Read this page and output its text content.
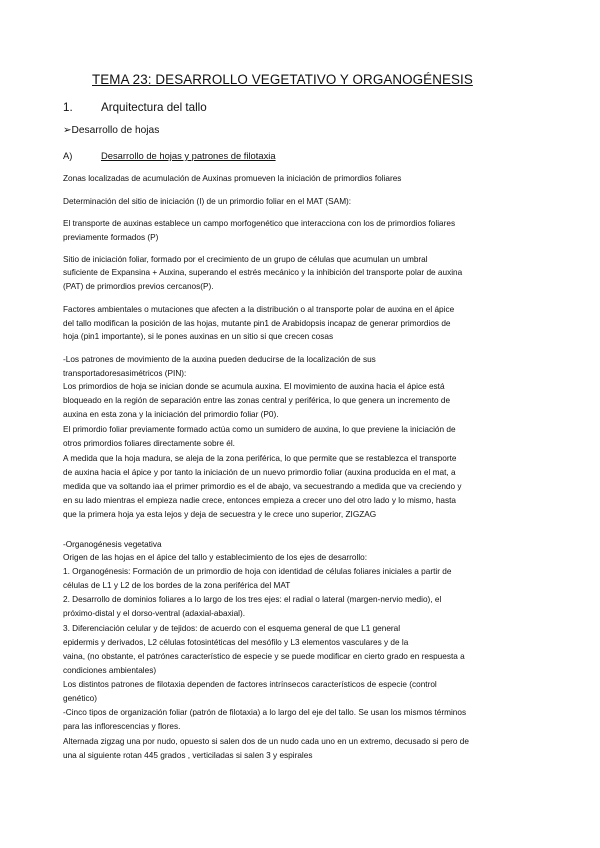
TEMA 23: DESARROLLO VEGETATIVO Y ORGANOGÉNESIS
1. Arquitectura del tallo
➢Desarrollo de hojas
A)	Desarrollo de hojas y patrones de filotaxia
Zonas localizadas de acumulación de Auxinas promueven la iniciación de primordios foliares
Determinación del sitio de iniciación (I) de un primordio foliar en el MAT (SAM):
El transporte de auxinas establece un campo morfogenético que interacciona con los de primordios foliares
previamente formados (P)
Sitio de iniciación foliar, formado por el crecimiento de un grupo de células que acumulan un umbral
suficiente de Expansina + Auxina, superando el estrés mecánico y la inhibición del transporte polar de auxina
(PAT) de primordios previos cercanos(P).
Factores ambientales o mutaciones que afecten a la distribución o al transporte polar de auxina en el ápice
del tallo modifican la posición de las hojas, mutante pin1 de Arabidopsis incapaz de generar primordios de
hoja (pin1 importante), si le pones auxinas en un sitio si que crecen cosas
-Los patrones de movimiento de la auxina pueden deducirse de la localización de sus
transportadoresasimétricos (PIN):
Los primordios de hoja se inician donde se acumula auxina. El movimiento de auxina hacia el ápice está
bloqueado en la región de separación entre las zonas central y periférica, lo que genera un incremento de
auxina en esta zona y la iniciación del primordio foliar (P0).
El primordio foliar previamente formado actúa como un sumidero de auxina, lo que previene la iniciación de
otros primordios foliares directamente sobre él.
A medida que la hoja madura, se aleja de la zona periférica, lo que permite que se restablezca el transporte
de auxina hacia el ápice y por tanto la iniciación de un nuevo primordio foliar (auxina producida en el mat, a
medida que va soltando iaa el primer primordio es el de abajo, va secuestrando a medida que va creciendo y
en su lado mientras el empieza nadie crece, entonces empieza a crecer uno del otro lado y lo mismo, hasta
que la primera hoja ya esta lejos y deja de secuestra y le crece uno superior, ZIGZAG
-Organogénesis vegetativa
Origen de las hojas en el ápice del tallo y establecimiento de los ejes de desarrollo:
1. Organogénesis: Formación de un primordio de hoja con identidad de células foliares iniciales a partir de
células de L1 y L2 de los bordes de la zona periférica del MAT
2. Desarrollo de dominios foliares a lo largo de los tres ejes: el radial o lateral (margen-nervio medio), el
próximo-distal y el dorso-ventral (adaxial-abaxial).
3. Diferenciación celular y de tejidos: de acuerdo con el esquema general de que L1 general
epidermis y derivados, L2 células fotosintéticas del mesófilo y L3 elementos vasculares y de la
vaina, (no obstante, el patrónes característico de especie y se puede modificar en cierto grado en respuesta a
condiciones ambientales)
Los distintos patrones de filotaxia dependen de factores intrínsecos característicos de especie (control
genético)
-Cinco tipos de organización foliar (patrón de filotaxia) a lo largo del eje del tallo. Se usan los mismos términos
para las inflorescencias y flores.
Alternada zigzag una por nudo, opuesto si salen dos de un nudo cada uno en un extremo, decusado si pero de
una al siguiente rotan 445 grados , verticiladas si salen 3 y espirales
